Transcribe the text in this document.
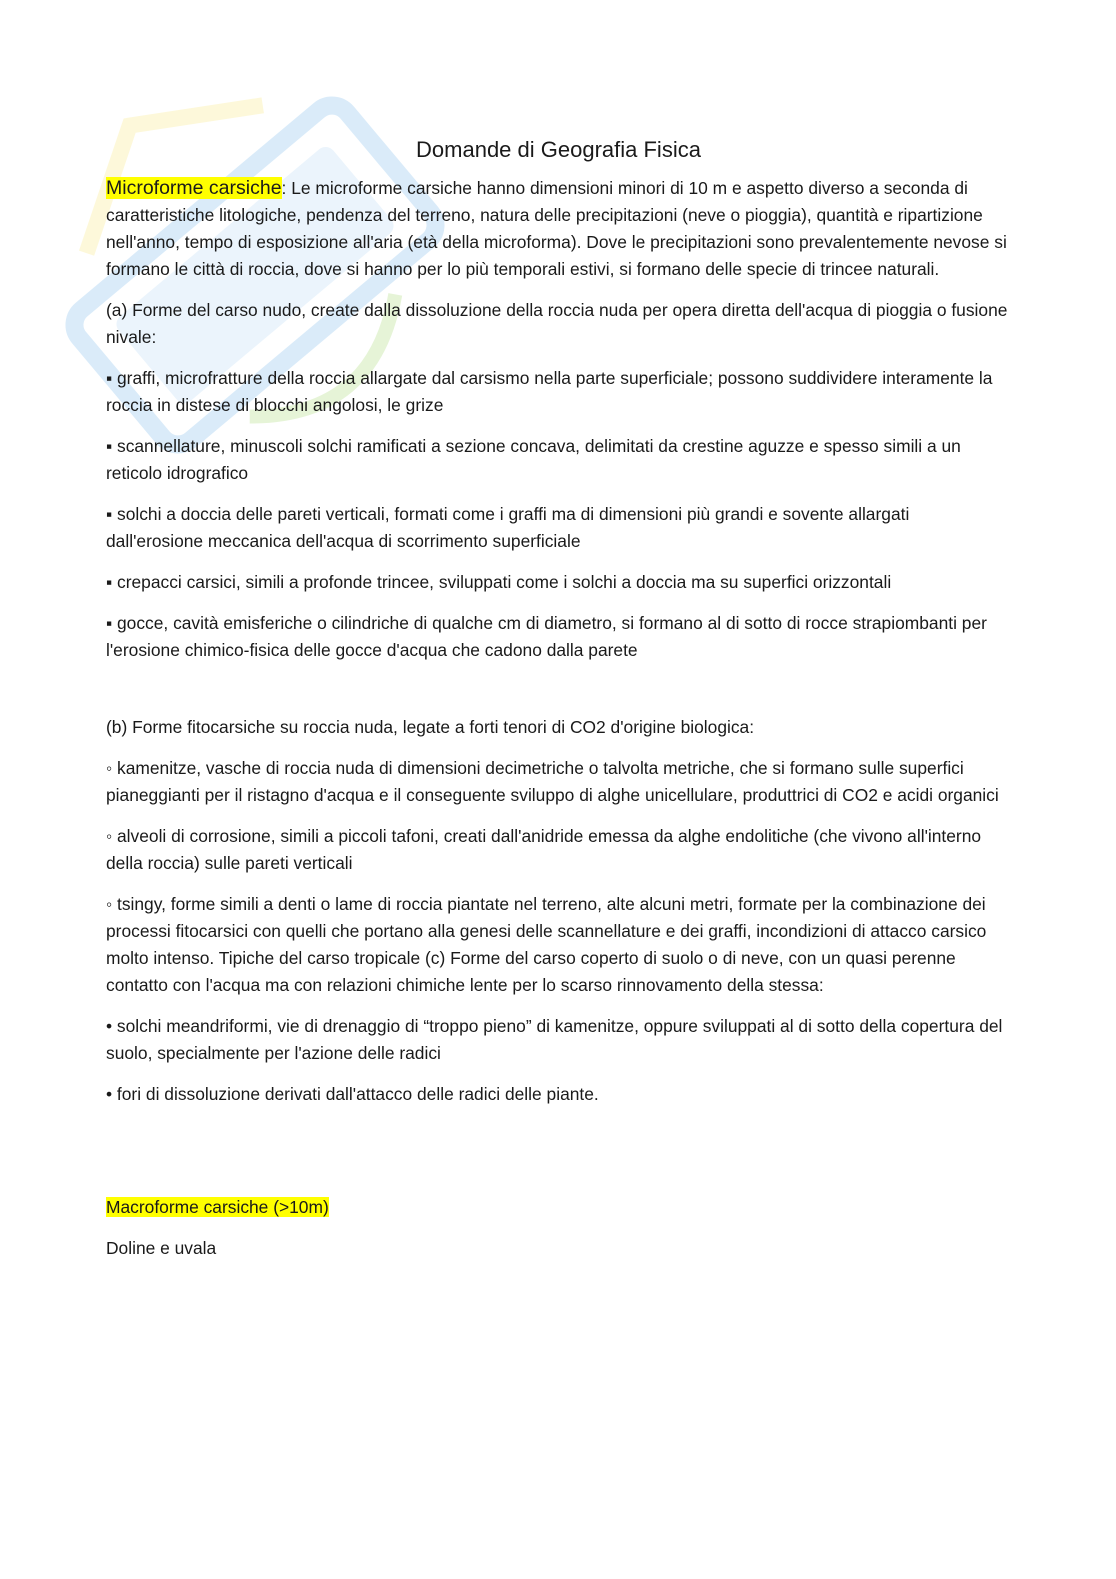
Domande di Geografia Fisica

Microforme carsiche: Le microforme carsiche hanno dimensioni minori di 10 m e aspetto diverso a seconda di caratteristiche litologiche, pendenza del terreno, natura delle precipitazioni (neve o pioggia), quantità e ripartizione nell'anno, tempo di esposizione all'aria (età della microforma). Dove le precipitazioni sono prevalentemente nevose si formano le città di roccia, dove si hanno per lo più temporali estivi, si formano delle specie di trincee naturali.

(a) Forme del carso nudo, create dalla dissoluzione della roccia nuda per opera diretta dell'acqua di pioggia o fusione nivale:

▪ graffi, microfratture della roccia allargate dal carsismo nella parte superficiale; possono suddividere interamente la roccia in distese di blocchi angolosi, le grize

▪ scannellature, minuscoli solchi ramificati a sezione concava, delimitati da crestine aguzze e spesso simili a un reticolo idrografico

▪ solchi a doccia delle pareti verticali, formati come i graffi ma di dimensioni più grandi e sovente allargati dall'erosione meccanica dell'acqua di scorrimento superficiale

▪ crepacci carsici, simili a profonde trincee, sviluppati come i solchi a doccia ma su superfici orizzontali

▪ gocce, cavità emisferiche o cilindriche di qualche cm di diametro, si formano al di sotto di rocce strapiombanti per l'erosione chimico-fisica delle gocce d'acqua che cadono dalla parete

(b) Forme fitocarsiche su roccia nuda, legate a forti tenori di CO2 d'origine biologica:

◦ kamenitze, vasche di roccia nuda di dimensioni decimetriche o talvolta metriche, che si formano sulle superfici pianeggianti per il ristagno d'acqua e il conseguente sviluppo di alghe unicellulare, produttrici di CO2 e acidi organici

◦ alveoli di corrosione, simili a piccoli tafoni, creati dall'anidride emessa da alghe endolitiche (che vivono all'interno della roccia) sulle pareti verticali

◦ tsingy, forme simili a denti o lame di roccia piantate nel terreno, alte alcuni metri, formate per la combinazione dei processi fitocarsici con quelli che portano alla genesi delle scannellature e dei graffi, incondizioni di attacco carsico molto intenso. Tipiche del carso tropicale (c) Forme del carso coperto di suolo o di neve, con un quasi perenne contatto con l'acqua ma con relazioni chimiche lente per lo scarso rinnovamento della stessa:

• solchi meandriformi, vie di drenaggio di “troppo pieno” di kamenitze, oppure sviluppati al di sotto della copertura del suolo, specialmente per l'azione delle radici

• fori di dissoluzione derivati dall'attacco delle radici delle piante.

Macroforme carsiche (>10m)

Doline e uvala
